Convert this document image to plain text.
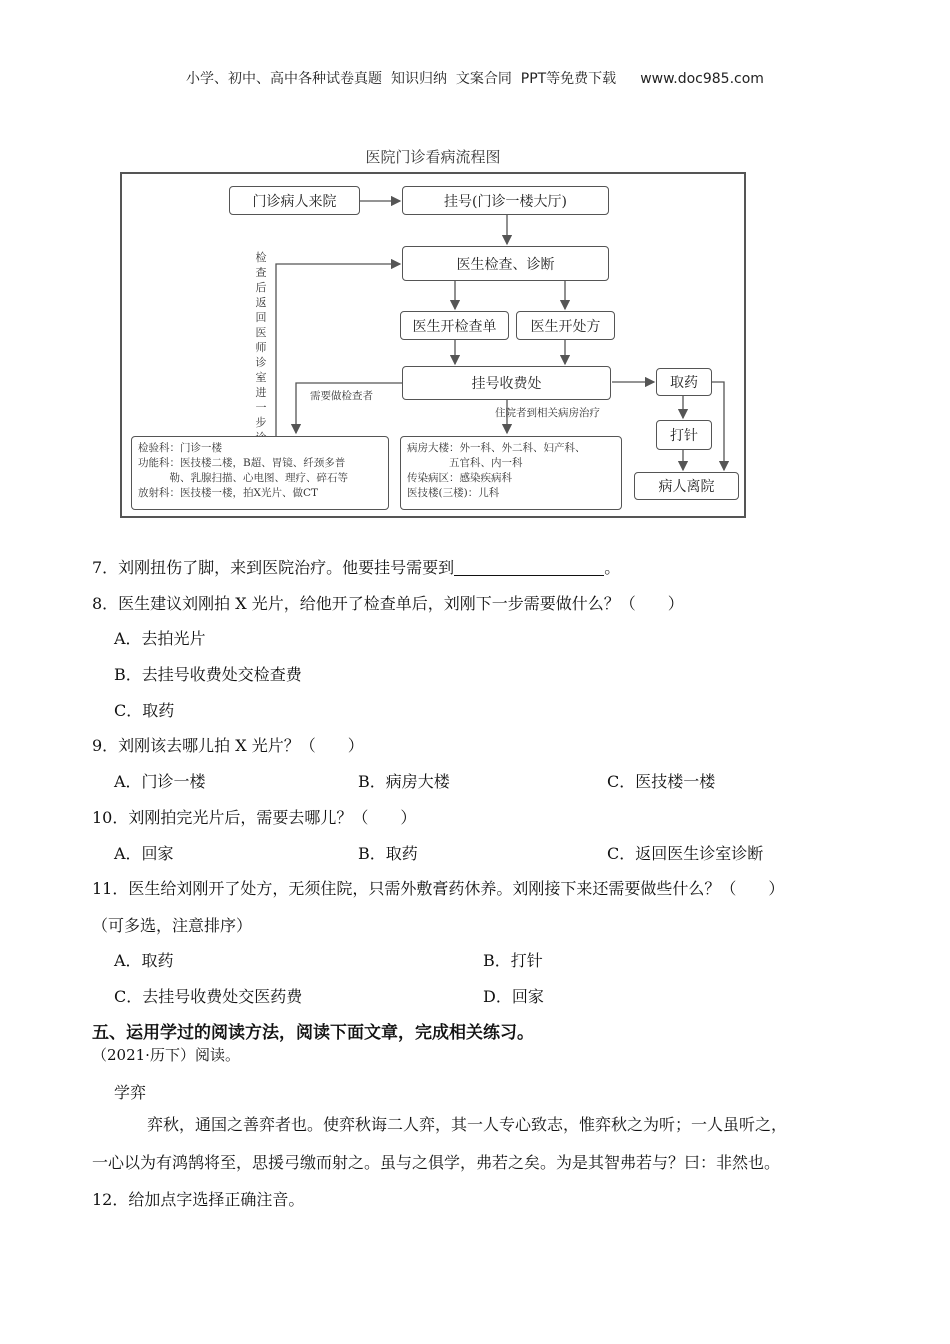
小学、初中、高中各种试卷真题  知识归纳  文案合同  PPT等免费下载 www.doc985.com
医院门诊看病流程图
门诊病人来院	挂号(门诊一楼大厅)
医生检查、诊断
医生开检查单	医生开处方
挂号收费处	取药
打针
病人离院
需要做检查者
住院者到相关病房治疗
检查后返回医师诊室进一步
检验科：门诊一楼
功能科：医技楼二楼，B超、胃镜、纤颈多普
勒、乳腺扫描、心电图、理疗、碎石等
放射科：医技楼一楼，拍X光片、做CT
病房大楼：外一科、外二科、妇产科、
五官科、内一科
传染病区：感染疾病科
医技楼(三楼)：儿科
7．刘刚扭伤了脚，来到医院治疗。他要挂号需要到	。
8．医生建议刘刚拍 X 光片，给他开了检查单后，刘刚下一步需要做什么？（　　）
A．去拍光片
B．去挂号收费处交检查费
C．取药
9．刘刚该去哪儿拍 X 光片？（　　）
A．门诊一楼	B．病房大楼	C．医技楼一楼
10．刘刚拍完光片后，需要去哪儿？（　　）
A．回家	B．取药	C．返回医生诊室诊断
11．医生给刘刚开了处方，无须住院，只需外敷膏药休养。刘刚接下来还需要做些什么？（　　）
（可多选，注意排序）
A．取药	B．打针
C．去挂号收费处交医药费	D．回家
五、运用学过的阅读方法，阅读下面文章，完成相关练习。
（2021·历下）阅读。
学弈
弈秋，通国之善弈者也。使弈秋诲二人弈，其一人专心致志，惟弈秋之为听；一人虽听之，
一心以为有鸿鹄将至，思援弓缴而射之。虽与之俱学，弗若之矣。为是其智弗若与？曰：非然也。
12．给加点字选择正确注音。
